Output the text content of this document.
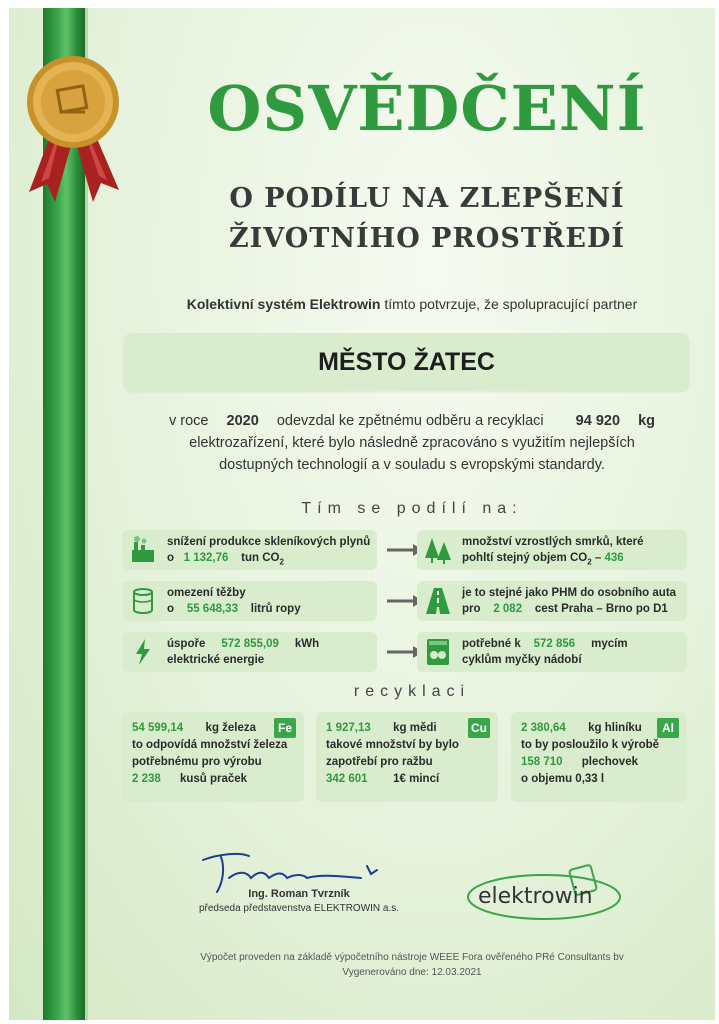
OSVĚDČENÍ
O PODÍLU NA ZLEPŠENÍ
ŽIVOTNÍHO PROSTŘEDÍ
Kolektivní systém Elektrowin tímto potvrzuje, že spolupracující partner
MĚSTO ŽATEC
v roce 2020 odevzdal ke zpětnému odběru a recyklaci 94 920 kg
elektrozařízení, které bylo následně zpracováno s využitím nejlepších
dostupných technologií a v souladu s evropskými standardy.
Tím se podílí na:
snížení produkce skleníkových plynů
o 1 132,76 tun $CO_2$
množství vzrostlých smrků, které
pohltí stejný objem $CO_2 - 436$
omezení těžby
o 55 648,33 litrů ropy
je to stejné jako PHM do osobního auta
pro 2 082 cest Praha – Brno po D1
úspoře 572 855,09 kWh
elektrické energie
potřebné k 572 856 mycím
cyklům myčky nádobí
recyklaci
Fe
54 599,14 kg železa
to odpovídá množství železa
potřebnému pro výrobu
2 238 kusů praček
Cu
1 927,13 kg mědi
takové množství by bylo
zapotřebí pro ražbu
342 601 1€ mincí
Al
2 380,64 kg hliníku
to by posloužilo k výrobě
158 710 plechovek
o objemu 0,33 l
Ing. Roman Tvrzník
předseda představenstva ELEKTROWIN a.s.	elektrowin
Výpočet proveden na základě výpočetního nástroje WEEE Fora ověřeného PRé Consultants bv
Vygenerováno dne: 12.03.2021
